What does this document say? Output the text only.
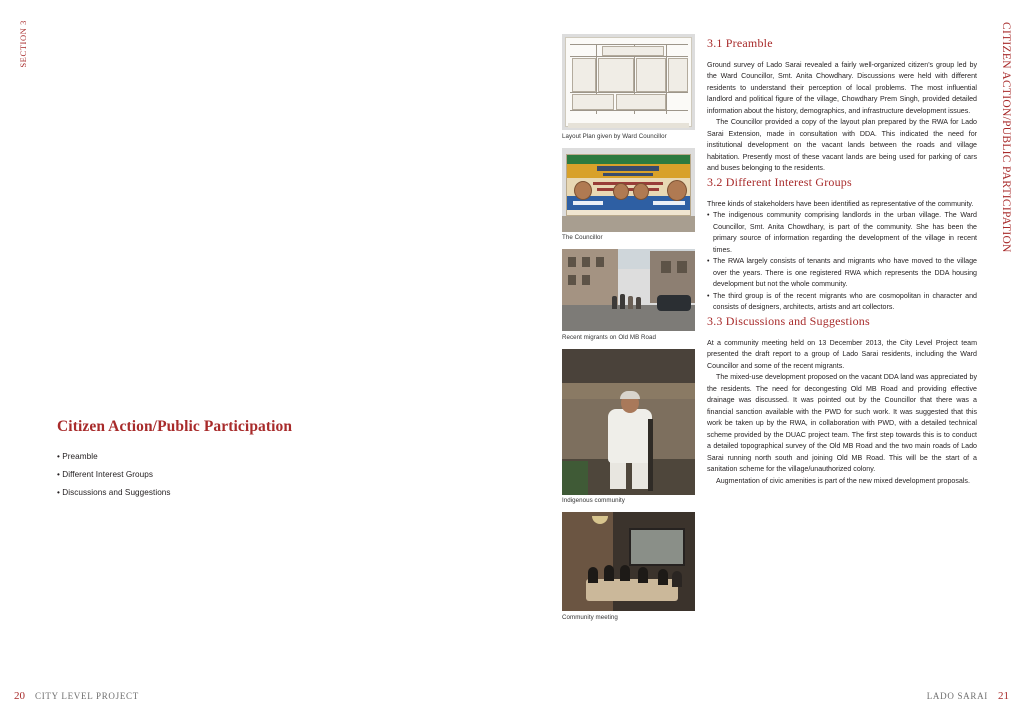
SECTION 3
Citizen Action/Public Participation
• Preamble
• Different Interest Groups
• Discussions and Suggestions
20 CITY LEVEL PROJECT
CITIZEN ACTION/PUBLIC PARTICIPATION
Layout Plan given by Ward Councillor
The Councillor
Recent migrants on Old MB Road
Indigenous community
Community meeting
3.1 Preamble

Ground survey of Lado Sarai revealed a fairly well-organized citizen's group led by the Ward Councillor, Smt. Anita Chowdhary. Discussions were held with different residents to understand their perception of local problems. The most influential landlord and political figure of the village, Chowdhary Prem Singh, provided detailed information about the history, demographics, and infrastructure development issues.

The Councillor provided a copy of the layout plan prepared by the RWA for Lado Sarai Extension, made in consultation with DDA. This indicated the need for institutional development on the vacant lands between the roads and village habitation. Presently most of these vacant lands are being used for parking of cars and buses belonging to the residents.

3.2 Different Interest Groups

Three kinds of stakeholders have been identified as representative of the community.

• The indigenous community comprising landlords in the urban village. The Ward Councillor, Smt. Anita Chowdhary, is part of the community. She has been the primary source of information regarding the development of the village in recent times.
• The RWA largely consists of tenants and migrants who have moved to the village over the years. There is one registered RWA which represents the DDA housing development but not the whole community.
• The third group is of the recent migrants who are cosmopolitan in character and consists of designers, architects, artists and art collectors.
3.3 Discussions and Suggestions

At a community meeting held on 13 December 2013, the City Level Project team presented the draft report to a group of Lado Sarai residents, including the Ward Councillor and some of the recent migrants.

The mixed-use development proposed on the vacant DDA land was appreciated by the residents. The need for decongesting Old MB Road and providing effective drainage was discussed. It was pointed out by the Councillor that there was a financial sanction available with the PWD for such work. It was suggested that this work be taken up by the RWA, in collaboration with PWD, with a detailed technical scheme provided by the DUAC project team. The first step towards this is to conduct a detailed topographical survey of the Old MB Road and the two main roads of Lado Sarai running north south and joining Old MB Road. This will be the start of a sanitation scheme for the village/unauthorized colony.

Augmentation of civic amenities is part of the new mixed development proposals.

LADO SARAI 21
